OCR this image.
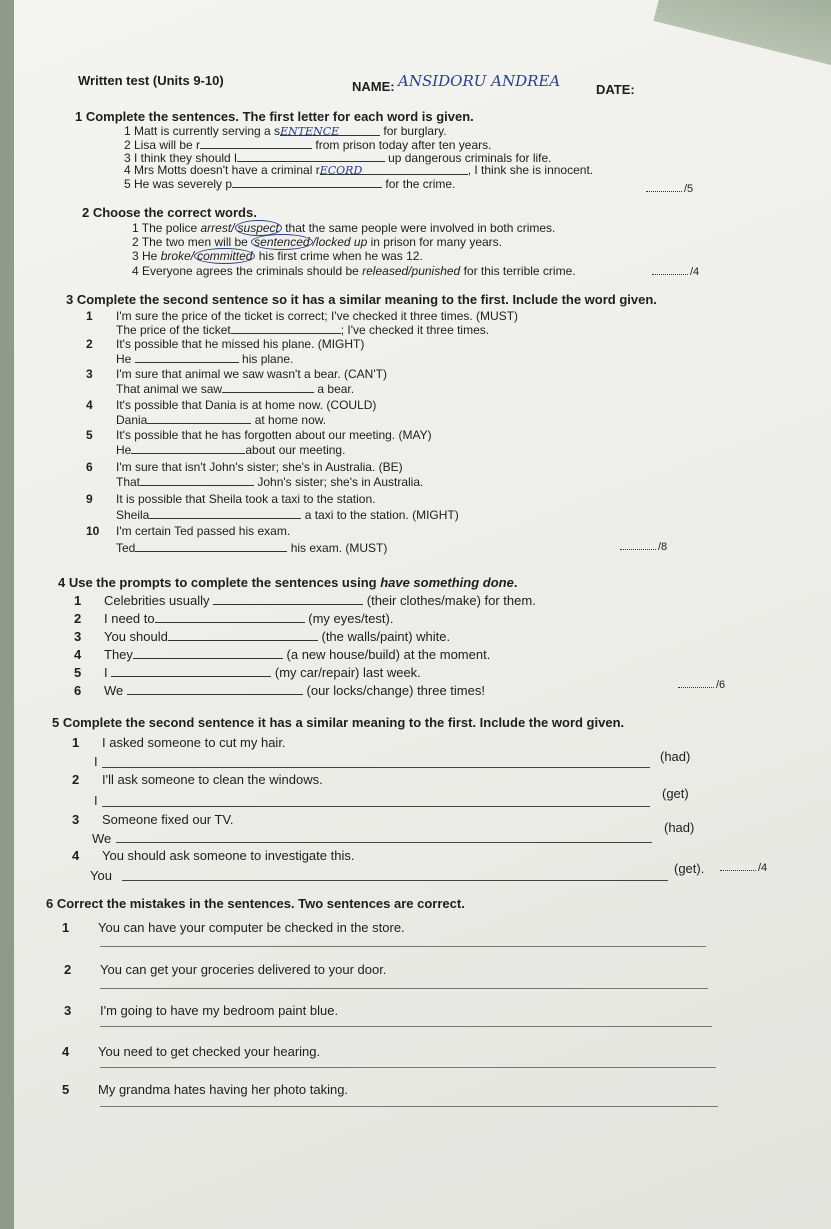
Written test (Units 9-10)	NAME: ANSIDORU ANDREA	DATE:
1 Complete the sentences. The first letter for each word is given.
1 Matt is currently serving a sENTENCE	for burglary.
2 Lisa will be r	from prison today after ten years.
3 I think they should l	up dangerous criminals for life.
4 Mrs Motts doesn't have a criminal rECORD	, I think she is innocent.
5 He was severely p	for the crime.	/5
2 Choose the correct words.
1 The police arrest/ suspect that the same people were involved in both crimes.
2 The two men will be sentenced /locked up in prison for many years.
3 He broke/ committed his first crime when he was 12.
4 Everyone agrees the criminals should be released/punished for this terrible crime.	/4
3 Complete the second sentence so it has a similar meaning to the first. Include the word given.
1 I'm sure the price of the ticket is correct; I've checked it three times. (MUST)
The price of the ticket	; I've checked it three times.
2 It's possible that he missed his plane. (MIGHT)
He	his plane.
3 I'm sure that animal we saw wasn't a bear. (CAN'T)
That animal we saw	a bear.
4 It's possible that Dania is at home now. (COULD)
Dania	at home now.
5 It's possible that he has forgotten about our meeting. (MAY)
He	about our meeting.
6 I'm sure that isn't John's sister; she's in Australia. (BE)
That	John's sister; she's in Australia.
9 It is possible that Sheila took a taxi to the station.
Sheila	a taxi to the station. (MIGHT)
10 I'm certain Ted passed his exam.
Ted	his exam. (MUST)	/8
4 Use the prompts to complete the sentences using have something done.
1 Celebrities usually	(their clothes/make) for them.
2 I need to	(my eyes/test).
3 You should	(the walls/paint) white.
4 They	(a new house/build) at the moment.
5 I	(my car/repair) last week.
6 We	(our locks/change) three times!	/6
5 Complete the second sentence it has a similar meaning to the first. Include the word given.
1 I asked someone to cut my hair.
I	(had)
2 I'll ask someone to clean the windows.
I	(get)
3 Someone fixed our TV.
We
(had)
4 You should ask someone to investigate this.
You	(get).	/4
6 Correct the mistakes in the sentences. Two sentences are correct.
1 You can have your computer be checked in the store.
2 You can get your groceries delivered to your door.
3 I'm going to have my bedroom paint blue.
4 You need to get checked your hearing.
5 My grandma hates having her photo taking.
